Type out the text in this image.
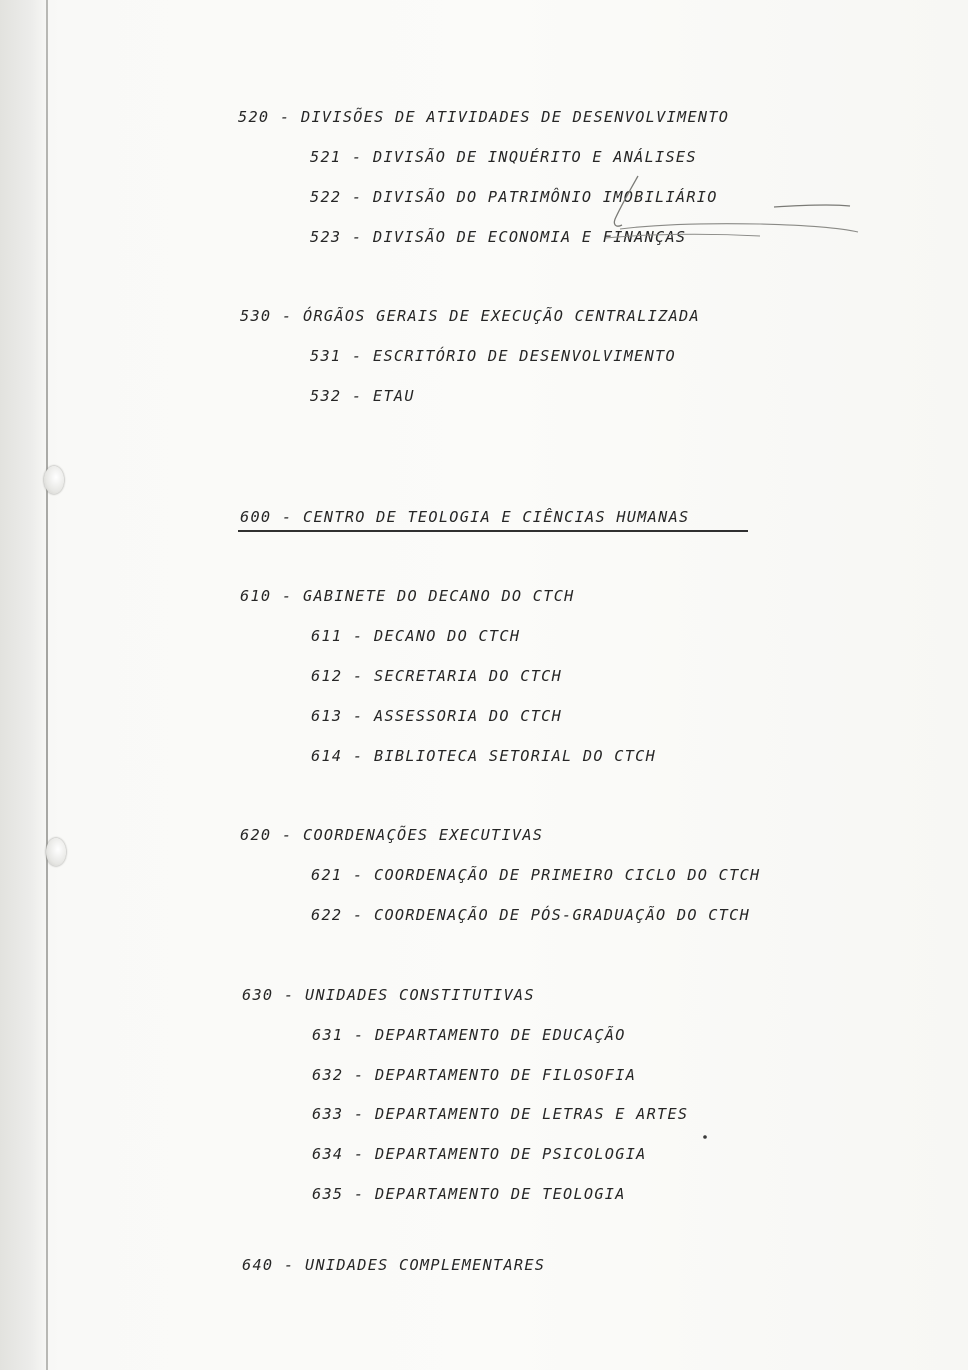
520 - DIVISÕES DE ATIVIDADES DE DESENVOLVIMENTO
521 - DIVISÃO DE INQUÉRITO E ANÁLISES
522 - DIVISÃO DO PATRIMÔNIO IMOBILIÁRIO
523 - DIVISÃO DE ECONOMIA E FINANÇAS
530 - ÓRGÃOS GERAIS DE EXECUÇÃO CENTRALIZADA
531 - ESCRITÓRIO DE DESENVOLVIMENTO
532 - ETAU
600 - CENTRO DE TEOLOGIA E CIÊNCIAS HUMANAS
610 - GABINETE DO DECANO DO CTCH
611 - DECANO DO CTCH
612 - SECRETARIA DO CTCH
613 - ASSESSORIA DO CTCH
614 - BIBLIOTECA SETORIAL DO CTCH
620 - COORDENAÇÕES EXECUTIVAS
621 - COORDENAÇÃO DE PRIMEIRO CICLO DO CTCH
622 - COORDENAÇÃO DE PÓS-GRADUAÇÃO DO CTCH
630 - UNIDADES CONSTITUTIVAS
631 - DEPARTAMENTO DE EDUCAÇÃO
632 - DEPARTAMENTO DE FILOSOFIA
633 - DEPARTAMENTO DE LETRAS E ARTES
634 - DEPARTAMENTO DE PSICOLOGIA
635 - DEPARTAMENTO DE TEOLOGIA
640 - UNIDADES COMPLEMENTARES
